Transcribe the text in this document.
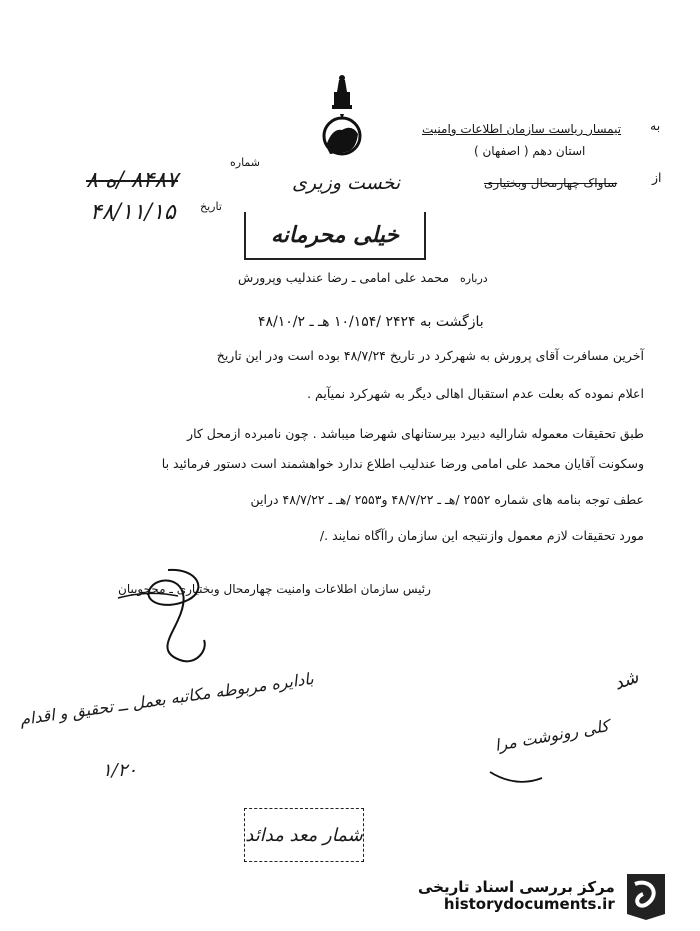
نخست وزیری
شماره
۸۴۸۷ /ه ۸
تاریخ
۴۸/۱۱/۱۵
خیلی محرمانه
به
تیمسار ریاست سازمان اطلاعات وامنیت
استان دهم ( اصفهان )
از
ساواک چهارمحال وبختیاری
درباره
محمد علی امامی ـ رضا عندلیب وپرورش
بازگشت به ۲۴۲۴ /۱۰/۱۵۴ هـ ـ ۴۸/۱۰/۲
آخرین مسافرت آقای پرورش به شهرکرد در تاریخ ۴۸/۷/۲۴ بوده است ودر این تاریخ
اعلام نموده که بعلت عدم استقبال اهالی دیگر به شهرکرد نمیآیم .
طبق تحقیقات معموله شارالیه دبیرد بیرستانهای شهرضا میباشد . چون نامبرده ازمحل کار
وسکونت آقایان محمد علی امامی ورضا عندلیب اطلاع ندارد خواهشمند است دستور فرمائید با
عطف توجه بنامه های شماره ۲۵۵۲ /هـ ـ ۴۸/۷/۲۲ و۲۵۵۳ /هـ ـ ۴۸/۷/۲۲ دراین
مورد تحقیقات لازم معمول وازنتیجه این سازمان راآگاه نمایند ./
رئیس سازمان اطلاعات وامنیت چهارمحال وبختیاری ـ محجوبیان
شد
بادایره مربوطه مکاتبه بعمل ــ تحقیق و اقدام
۱/۲۰
کلی رونوشت مرا
شمار معد مدائد
مرکز بررسی اسناد تاریخی
historydocuments.ir
